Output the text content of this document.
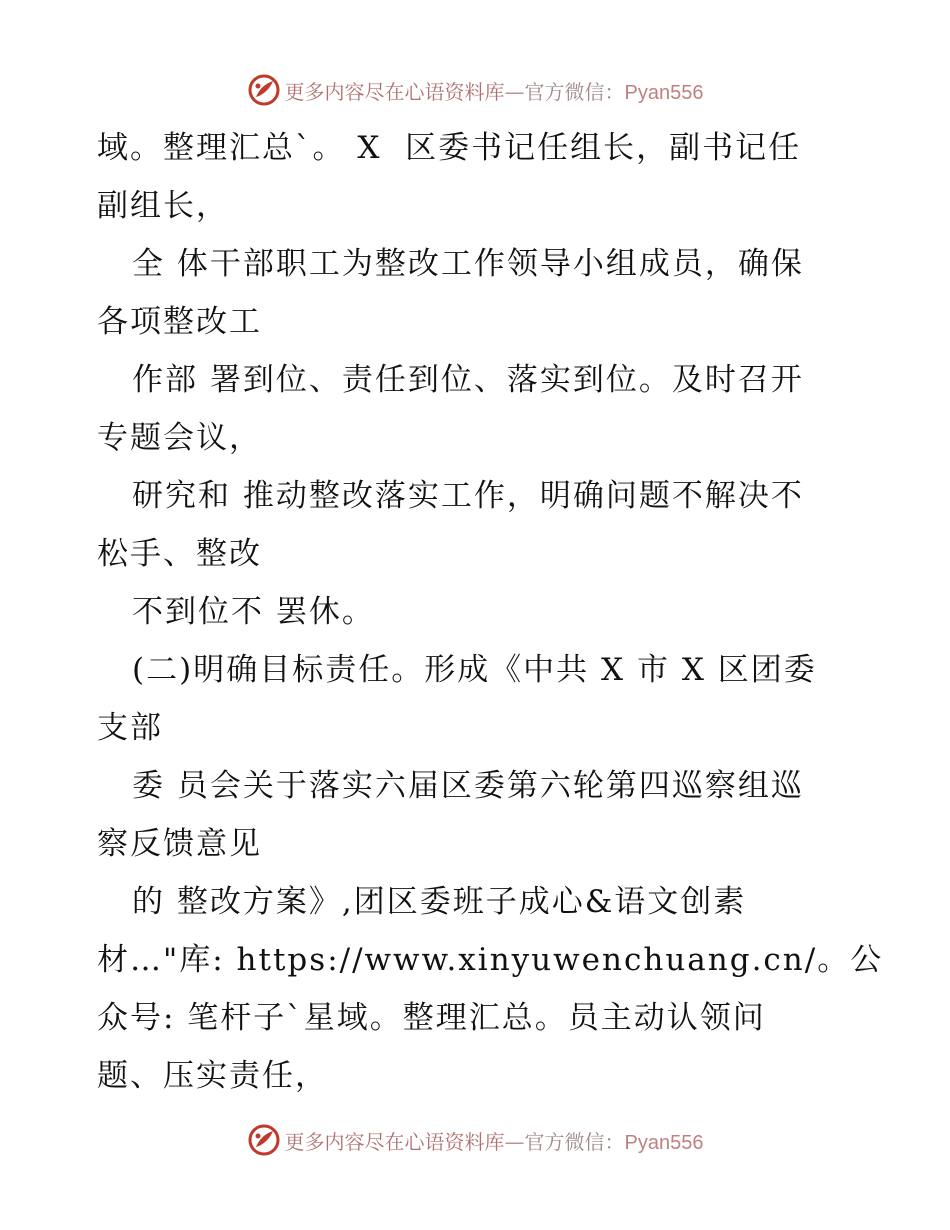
更多内容尽在心语资料库—官方微信：Pyan556
域。整理汇总`。 X  区委书记任组长，副书记任
副组长，
全 体干部职工为整改工作领导小组成员，确保
各项整改工
作部 署到位、责任到位、落实到位。及时召开
专题会议，
研究和 推动整改落实工作，明确问题不解决不
松手、整改
不到位不 罢休。
(二)明确目标责任。形成《中共 X 市 X 区团委
支部
委 员会关于落实六届区委第六轮第四巡察组巡
察反馈意见
的 整改方案》,团区委班子成心&语文创素
材…"库: https://www.xinyuwenchuang.cn/。公
众号: 笔杆子`星域。整理汇总。员主动认领问
题、压实责任，
更多内容尽在心语资料库—官方微信：Pyan556
